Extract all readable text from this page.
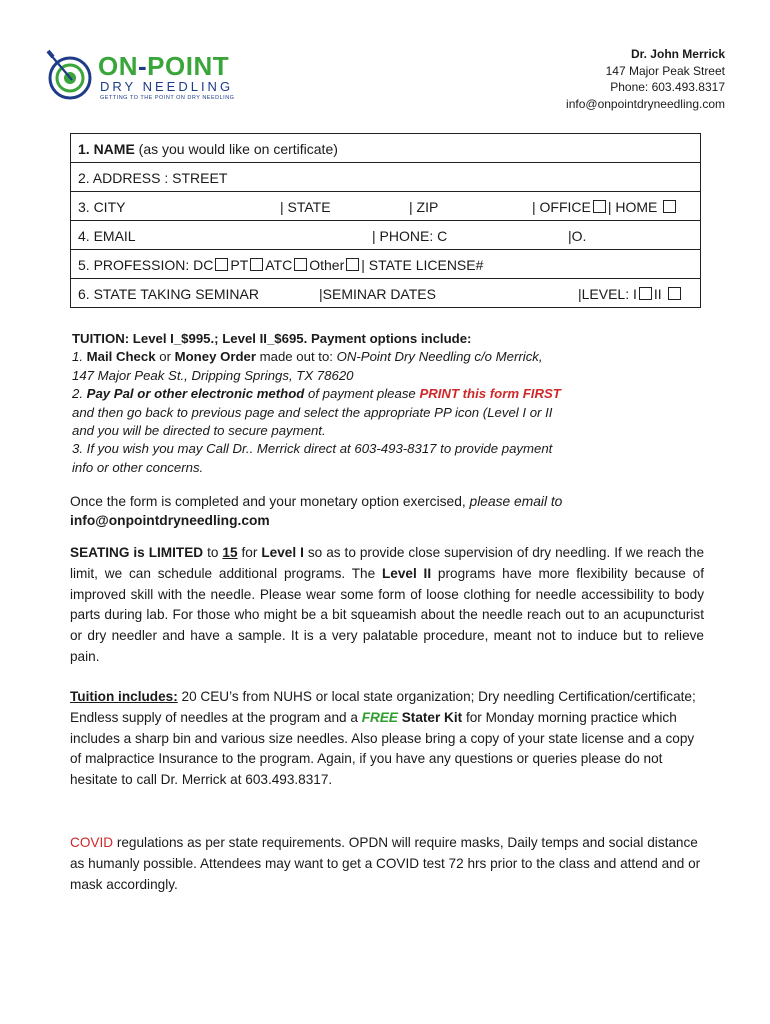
ON-POINT
DRY NEEDLING
GETTING TO THE POINT ON DRY NEEDLING
Dr. John Merrick
147 Major Peak Street
Phone: 603.493.8317
info@onpointdryneedling.com
1. NAME (as you would like on certificate)
2. ADDRESS : STREET
3. CITY	| STATE	| ZIP	| OFFICE | HOME
4. EMAIL	| PHONE: C	|O.
5. PROFESSION: DC PT ATC Other | STATE LICENSE#
6. STATE TAKING SEMINAR	|SEMINAR DATES	|LEVEL: I II
TUITION: Level I_$995.; Level II_$695. Payment options include:
1. Mail Check or Money Order made out to: ON-Point Dry Needling c/o Merrick,
147 Major Peak St., Dripping Springs, TX 78620
2. Pay Pal or other electronic method of payment please PRINT this form FIRST
and then go back to previous page and select the appropriate PP icon (Level I or II
and you will be directed to secure payment.
3. If you wish you may Call Dr.. Merrick direct at 603-493-8317 to provide payment
info or other concerns.
Once the form is completed and your monetary option exercised, please email to
info@onpointdryneedling.com
SEATING is LIMITED to 15 for Level I so as to provide close supervision of dry needling. If we reach the limit, we can schedule additional programs. The Level II programs have more flexibility because of improved skill with the needle. Please wear some form of loose clothing for needle accessibility to body parts during lab. For those who might be a bit squeamish about the needle reach out to an acupuncturist or dry needler and have a sample. It is a very palatable procedure, meant not to induce but to relieve pain.
Tuition includes: 20 CEU’s from NUHS or local state organization; Dry needling Certification/certificate; Endless supply of needles at the program and a FREE Stater Kit for Monday morning practice which includes a sharp bin and various size needles. Also please bring a copy of your state license and a copy of malpractice Insurance to the program. Again, if you have any questions or queries please do not hesitate to call Dr. Merrick at 603.493.8317.
COVID regulations as per state requirements. OPDN will require masks, Daily temps and social distance as humanly possible. Attendees may want to get a COVID test 72 hrs prior to the class and attend and or mask accordingly.
